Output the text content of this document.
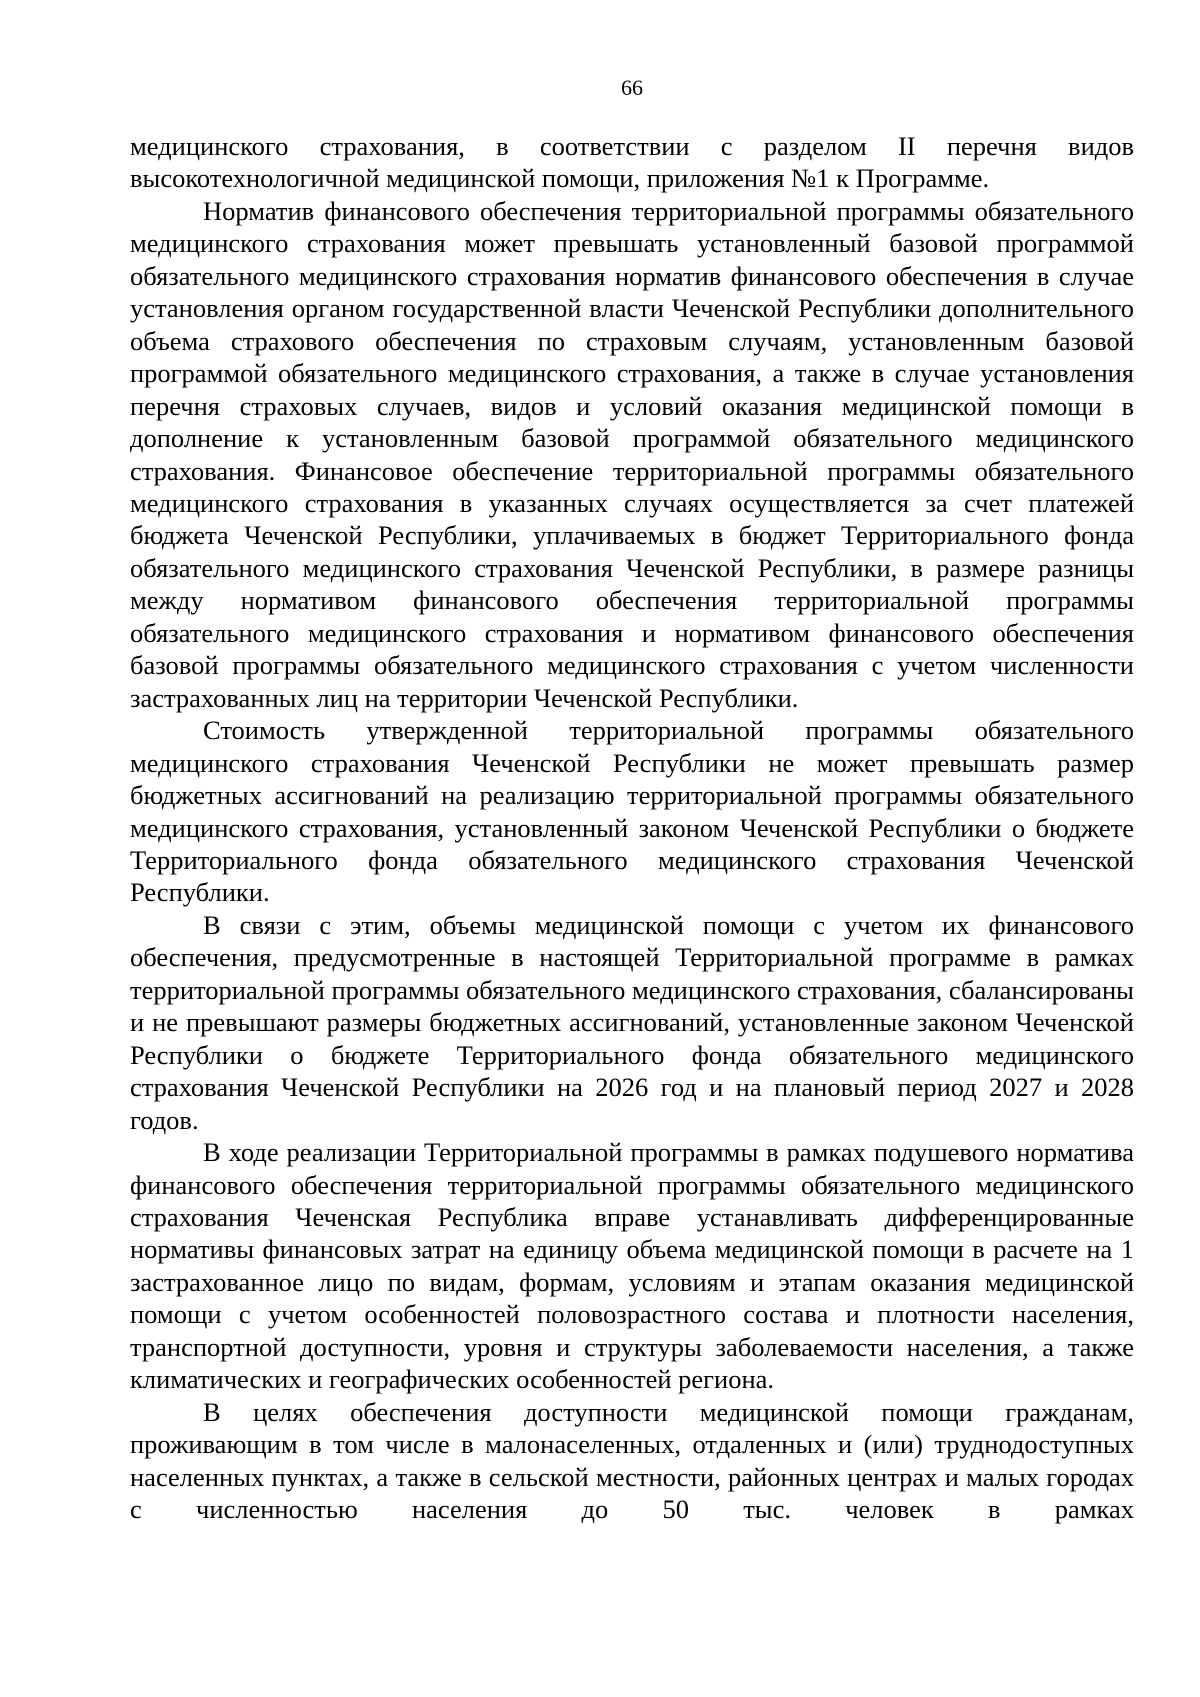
66

медицинского страхования, в соответствии с разделом II перечня видов высокотехнологичной медицинской помощи, приложения №1 к Программе.

Норматив финансового обеспечения территориальной программы обязательного медицинского страхования может превышать установленный базовой программой обязательного медицинского страхования норматив финансового обеспечения в случае установления органом государственной власти Чеченской Республики дополнительного объема страхового обеспечения по страховым случаям, установленным базовой программой обязательного медицинского страхования, а также в случае установления перечня страховых случаев, видов и условий оказания медицинской помощи в дополнение к установленным базовой программой обязательного медицинского страхования. Финансовое обеспечение территориальной программы обязательного медицинского страхования в указанных случаях осуществляется за счет платежей бюджета Чеченской Республики, уплачиваемых в бюджет Территориального фонда обязательного медицинского страхования Чеченской Республики, в размере разницы между нормативом финансового обеспечения территориальной программы обязательного медицинского страхования и нормативом финансового обеспечения базовой программы обязательного медицинского страхования с учетом численности застрахованных лиц на территории Чеченской Республики.

Стоимость утвержденной территориальной программы обязательного медицинского страхования Чеченской Республики не может превышать размер бюджетных ассигнований на реализацию территориальной программы обязательного медицинского страхования, установленный законом Чеченской Республики о бюджете Территориального фонда обязательного медицинского страхования Чеченской Республики.

В связи с этим, объемы медицинской помощи с учетом их финансового обеспечения, предусмотренные в настоящей Территориальной программе в рамках территориальной программы обязательного медицинского страхования, сбалансированы и не превышают размеры бюджетных ассигнований, установленные законом Чеченской Республики о бюджете Территориального фонда обязательного медицинского страхования Чеченской Республики на 2026 год и на плановый период 2027 и 2028 годов.

В ходе реализации Территориальной программы в рамках подушевого норматива финансового обеспечения территориальной программы обязательного медицинского страхования Чеченская Республика вправе устанавливать дифференцированные нормативы финансовых затрат на единицу объема медицинской помощи в расчете на 1 застрахованное лицо по видам, формам, условиям и этапам оказания медицинской помощи с учетом особенностей половозрастного состава и плотности населения, транспортной доступности, уровня и структуры заболеваемости населения, а также климатических и географических особенностей региона.

В целях обеспечения доступности медицинской помощи гражданам, проживающим в том числе в малонаселенных, отдаленных и (или) труднодоступных населенных пунктах, а также в сельской местности, районных центрах и малых городах с численностью населения до 50 тыс. человек в рамках
